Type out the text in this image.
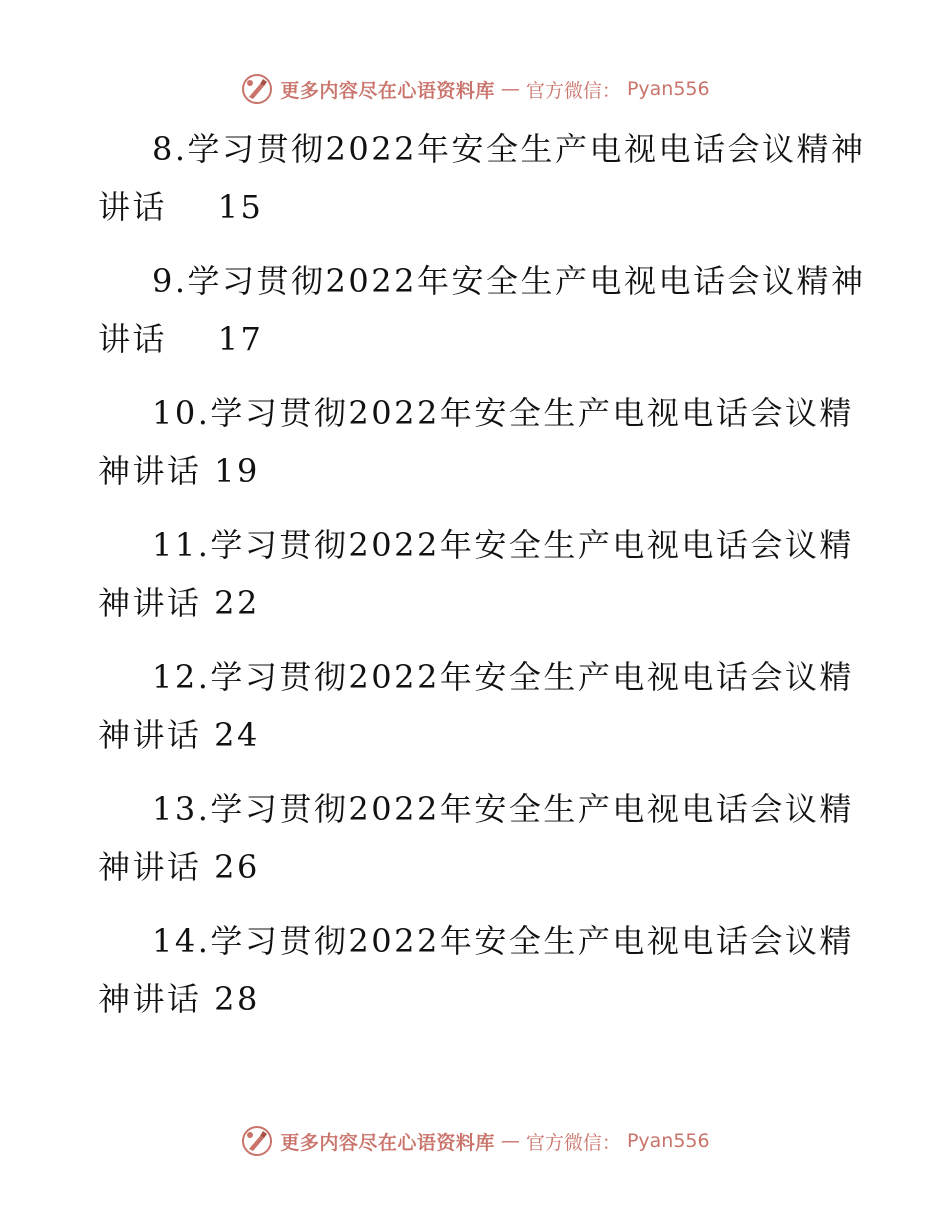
更多内容尽在心语资料库 — 官方微信： Pyan556
8.学习贯彻2022年安全生产电视电话会议精神
讲话    15
9.学习贯彻2022年安全生产电视电话会议精神
讲话    17
10.学习贯彻2022年安全生产电视电话会议精
神讲话 19
11.学习贯彻2022年安全生产电视电话会议精
神讲话 22
12.学习贯彻2022年安全生产电视电话会议精
神讲话 24
13.学习贯彻2022年安全生产电视电话会议精
神讲话 26
14.学习贯彻2022年安全生产电视电话会议精
神讲话 28
更多内容尽在心语资料库 — 官方微信： Pyan556
